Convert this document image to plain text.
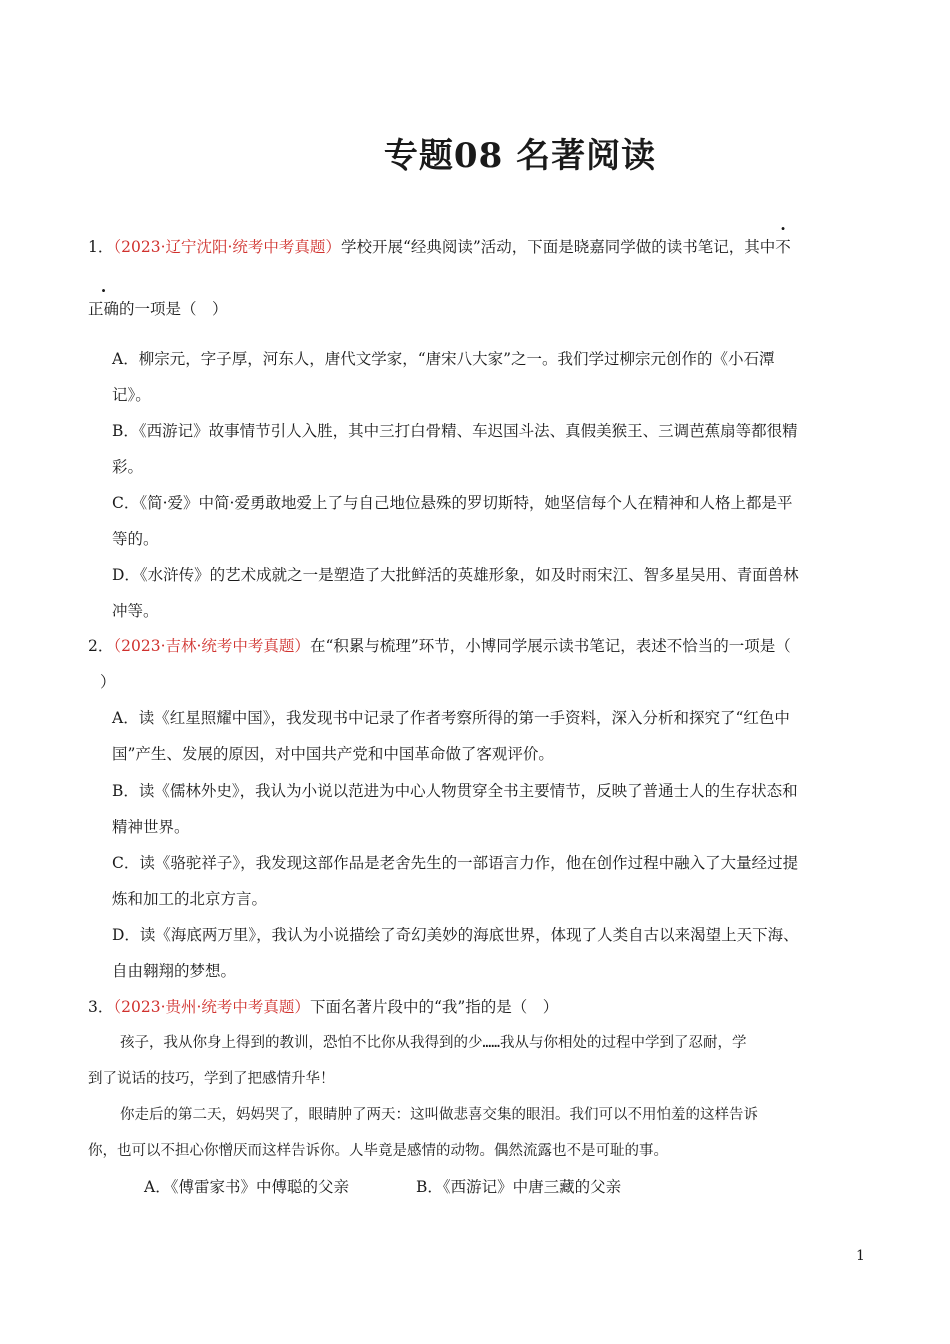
专题08 名著阅读
1．（2023·辽宁沈阳·统考中考真题）学校开展“经典阅读”活动，下面是晓嘉同学做的读书笔记，其中不
正确的一项是（　）
A．柳宗元，字子厚，河东人，唐代文学家，“唐宋八大家”之一。我们学过柳宗元创作的《小石潭
记》。
B．《西游记》故事情节引人入胜，其中三打白骨精、车迟国斗法、真假美猴王、三调芭蕉扇等都很精
彩。
C．《简·爱》中简·爱勇敢地爱上了与自己地位悬殊的罗切斯特，她坚信每个人在精神和人格上都是平
等的。
D．《水浒传》的艺术成就之一是塑造了大批鲜活的英雄形象，如及时雨宋江、智多星吴用、青面兽林
冲等。
2．（2023·吉林·统考中考真题）在“积累与梳理”环节，小博同学展示读书笔记，表述不恰当的一项是（
）
A．读《红星照耀中国》，我发现书中记录了作者考察所得的第一手资料，深入分析和探究了“红色中
国”产生、发展的原因，对中国共产党和中国革命做了客观评价。
B．读《儒林外史》，我认为小说以范进为中心人物贯穿全书主要情节，反映了普通士人的生存状态和
精神世界。
C．读《骆驼祥子》，我发现这部作品是老舍先生的一部语言力作，他在创作过程中融入了大量经过提
炼和加工的北京方言。
D．读《海底两万里》，我认为小说描绘了奇幻美妙的海底世界，体现了人类自古以来渴望上天下海、
自由翱翔的梦想。
3．（2023·贵州·统考中考真题）下面名著片段中的“我”指的是（　）
孩子，我从你身上得到的教训，恐怕不比你从我得到的少……我从与你相处的过程中学到了忍耐，学
到了说话的技巧，学到了把感情升华！
你走后的第二天，妈妈哭了，眼睛肿了两天：这叫做悲喜交集的眼泪。我们可以不用怕羞的这样告诉
你，也可以不担心你憎厌而这样告诉你。人毕竟是感情的动物。偶然流露也不是可耻的事。
A．《傅雷家书》中傅聪的父亲	B．《西游记》中唐三藏的父亲
1
